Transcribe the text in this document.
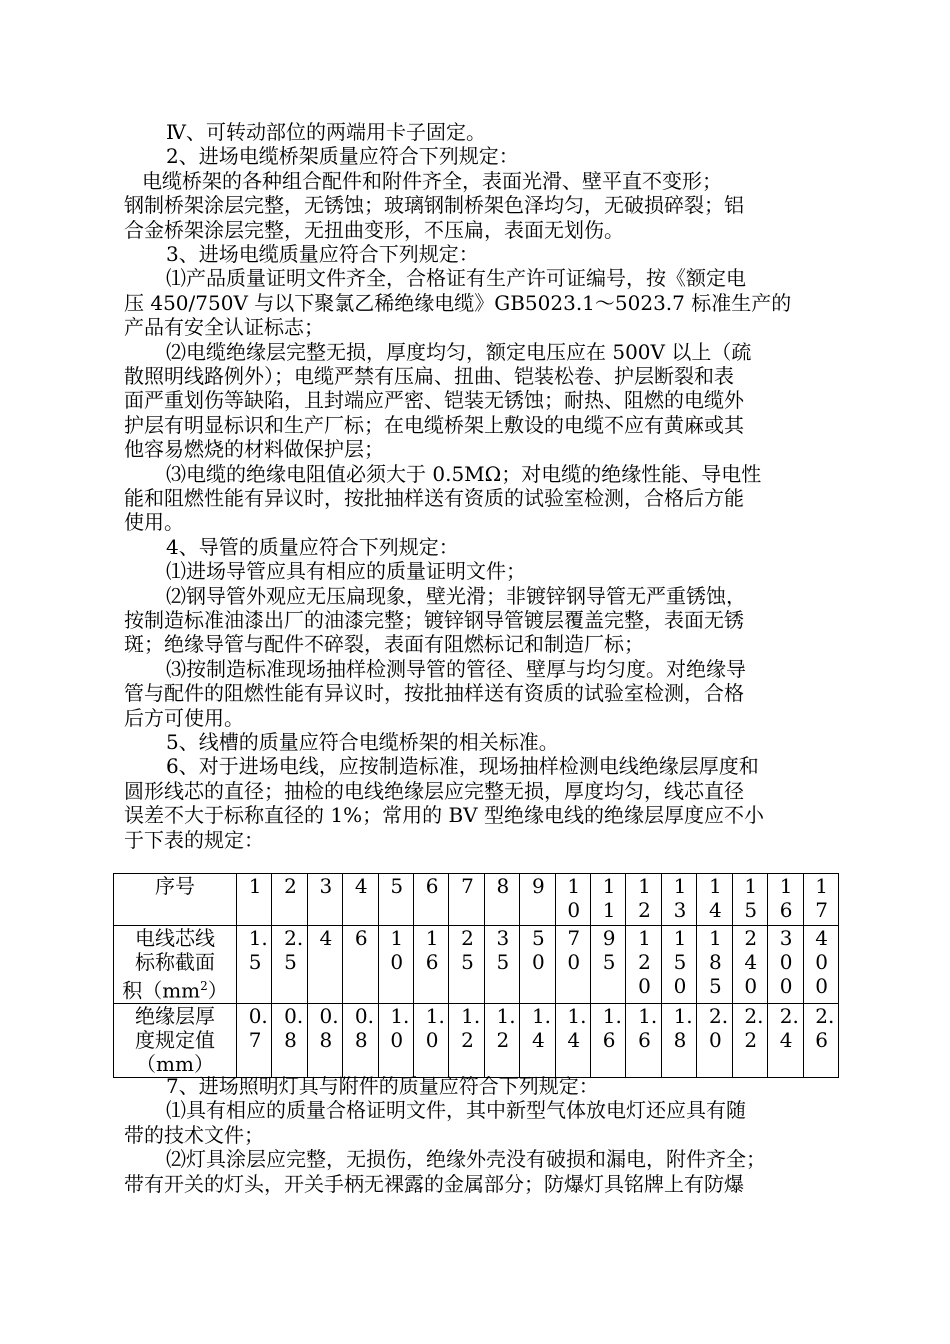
Ⅳ、可转动部位的两端用卡子固定。
2、进场电缆桥架质量应符合下列规定：
电缆桥架的各种组合配件和附件齐全，表面光滑、壁平直不变形；
钢制桥架涂层完整，无锈蚀；玻璃钢制桥架色泽均匀，无破损碎裂；铝
合金桥架涂层完整，无扭曲变形，不压扁，表面无划伤。
3、进场电缆质量应符合下列规定：
⑴产品质量证明文件齐全，合格证有生产许可证编号，按《额定电
压 450/750V 与以下聚氯乙稀绝缘电缆》GB5023.1～5023.7 标准生产的
产品有安全认证标志；
⑵电缆绝缘层完整无损，厚度均匀，额定电压应在 500V 以上（疏
散照明线路例外）；电缆严禁有压扁、扭曲、铠装松卷、护层断裂和表
面严重划伤等缺陷，且封端应严密、铠装无锈蚀；耐热、阻燃的电缆外
护层有明显标识和生产厂标；在电缆桥架上敷设的电缆不应有黄麻或其
他容易燃烧的材料做保护层；
⑶电缆的绝缘电阻值必须大于 0.5MΩ；对电缆的绝缘性能、导电性
能和阻燃性能有异议时，按批抽样送有资质的试验室检测，合格后方能
使用。
4、导管的质量应符合下列规定：
⑴进场导管应具有相应的质量证明文件；
⑵钢导管外观应无压扁现象，壁光滑；非镀锌钢导管无严重锈蚀，
按制造标准油漆出厂的油漆完整；镀锌钢导管镀层覆盖完整，表面无锈
斑；绝缘导管与配件不碎裂，表面有阻燃标记和制造厂标；
⑶按制造标准现场抽样检测导管的管径、壁厚与均匀度。对绝缘导
管与配件的阻燃性能有异议时，按批抽样送有资质的试验室检测，合格
后方可使用。
5、线槽的质量应符合电缆桥架的相关标准。
6、对于进场电线，应按制造标准，现场抽样检测电线绝缘层厚度和
圆形线芯的直径；抽检的电线绝缘层应完整无损，厚度均匀，线芯直径
误差不大于标称直径的 1%；常用的 BV 型绝缘电线的绝缘层厚度应不小
于下表的规定：
序号	1	2	3	4	5	6	7	8	9	10	11	12	13	14	15	16	17

电线芯线
标称截面
积$(mm^2)$	1.5	2.5	4	6	10	16	25	35	50	70	95	120	150	185	240	300	400

绝缘层厚
度规定值
（mm）	0.7	0.8	0.8	0.8	1.0	1.0	1.2	1.2	1.4	1.4	1.6	1.6	1.8	2.0	2.2	2.4	2.6
7、进场照明灯具与附件的质量应符合下列规定：
⑴具有相应的质量合格证明文件，其中新型气体放电灯还应具有随
带的技术文件；
⑵灯具涂层应完整，无损伤，绝缘外壳没有破损和漏电，附件齐全；
带有开关的灯头，开关手柄无裸露的金属部分；防爆灯具铭牌上有防爆
